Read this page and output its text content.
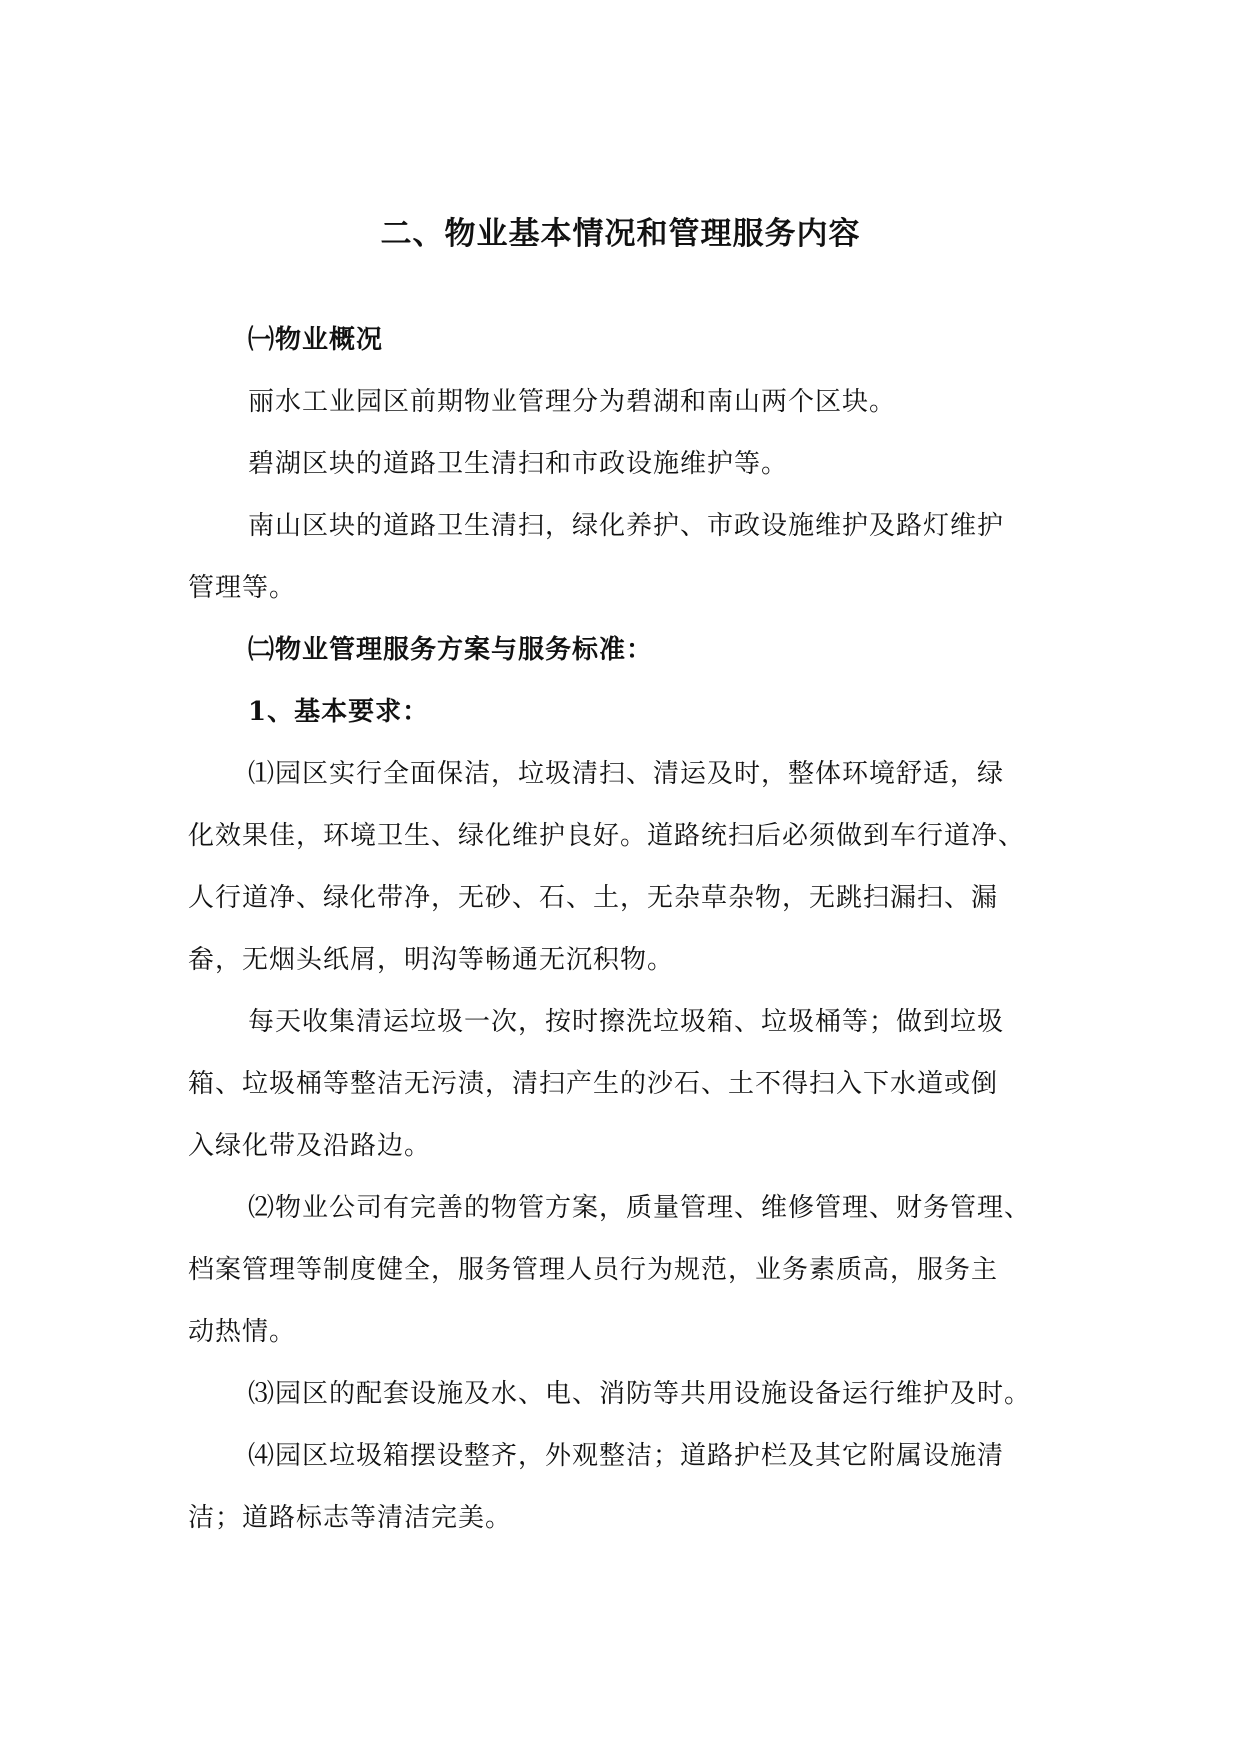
二、物业基本情况和管理服务内容
㈠物业概况
丽水工业园区前期物业管理分为碧湖和南山两个区块。
碧湖区块的道路卫生清扫和市政设施维护等。
南山区块的道路卫生清扫，绿化养护、市政设施维护及路灯维护
管理等。
㈡物业管理服务方案与服务标准：
1、基本要求：
⑴园区实行全面保洁，垃圾清扫、清运及时，整体环境舒适，绿
化效果佳，环境卫生、绿化维护良好。道路统扫后必须做到车行道净、
人行道净、绿化带净，无砂、石、土，无杂草杂物，无跳扫漏扫、漏
畚，无烟头纸屑，明沟等畅通无沉积物。
每天收集清运垃圾一次，按时擦洗垃圾箱、垃圾桶等；做到垃圾
箱、垃圾桶等整洁无污渍，清扫产生的沙石、土不得扫入下水道或倒
入绿化带及沿路边。
⑵物业公司有完善的物管方案，质量管理、维修管理、财务管理、
档案管理等制度健全，服务管理人员行为规范，业务素质高，服务主
动热情。
⑶园区的配套设施及水、电、消防等共用设施设备运行维护及时。
⑷园区垃圾箱摆设整齐，外观整洁；道路护栏及其它附属设施清
洁；道路标志等清洁完美。
